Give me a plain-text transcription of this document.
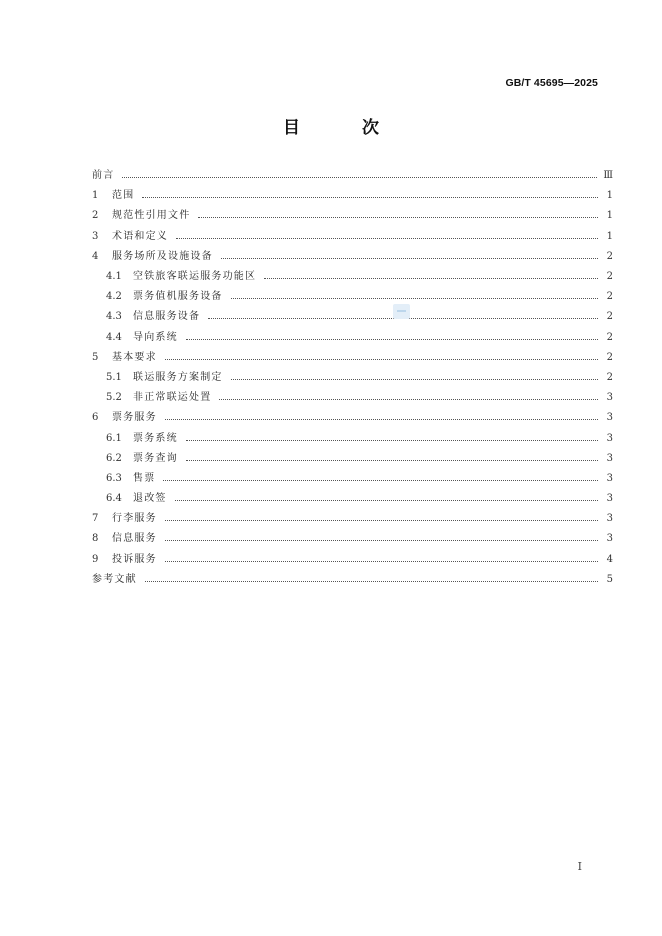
GB/T 45695—2025
目 次
前言	Ⅲ
1	范围	1
2	规范性引用文件	1
3	术语和定义	1
4	服务场所及设施设备	2
4.1	空铁旅客联运服务功能区	2
4.2	票务值机服务设备	2
4.3	信息服务设备	2
4.4	导向系统	2
5	基本要求	2
5.1	联运服务方案制定	2
5.2	非正常联运处置	3
6	票务服务	3
6.1	票务系统	3
6.2	票务查询	3
6.3	售票	3
6.4	退改签	3
7	行李服务	3
8	信息服务	3
9	投诉服务	4
参考文献	5
I
